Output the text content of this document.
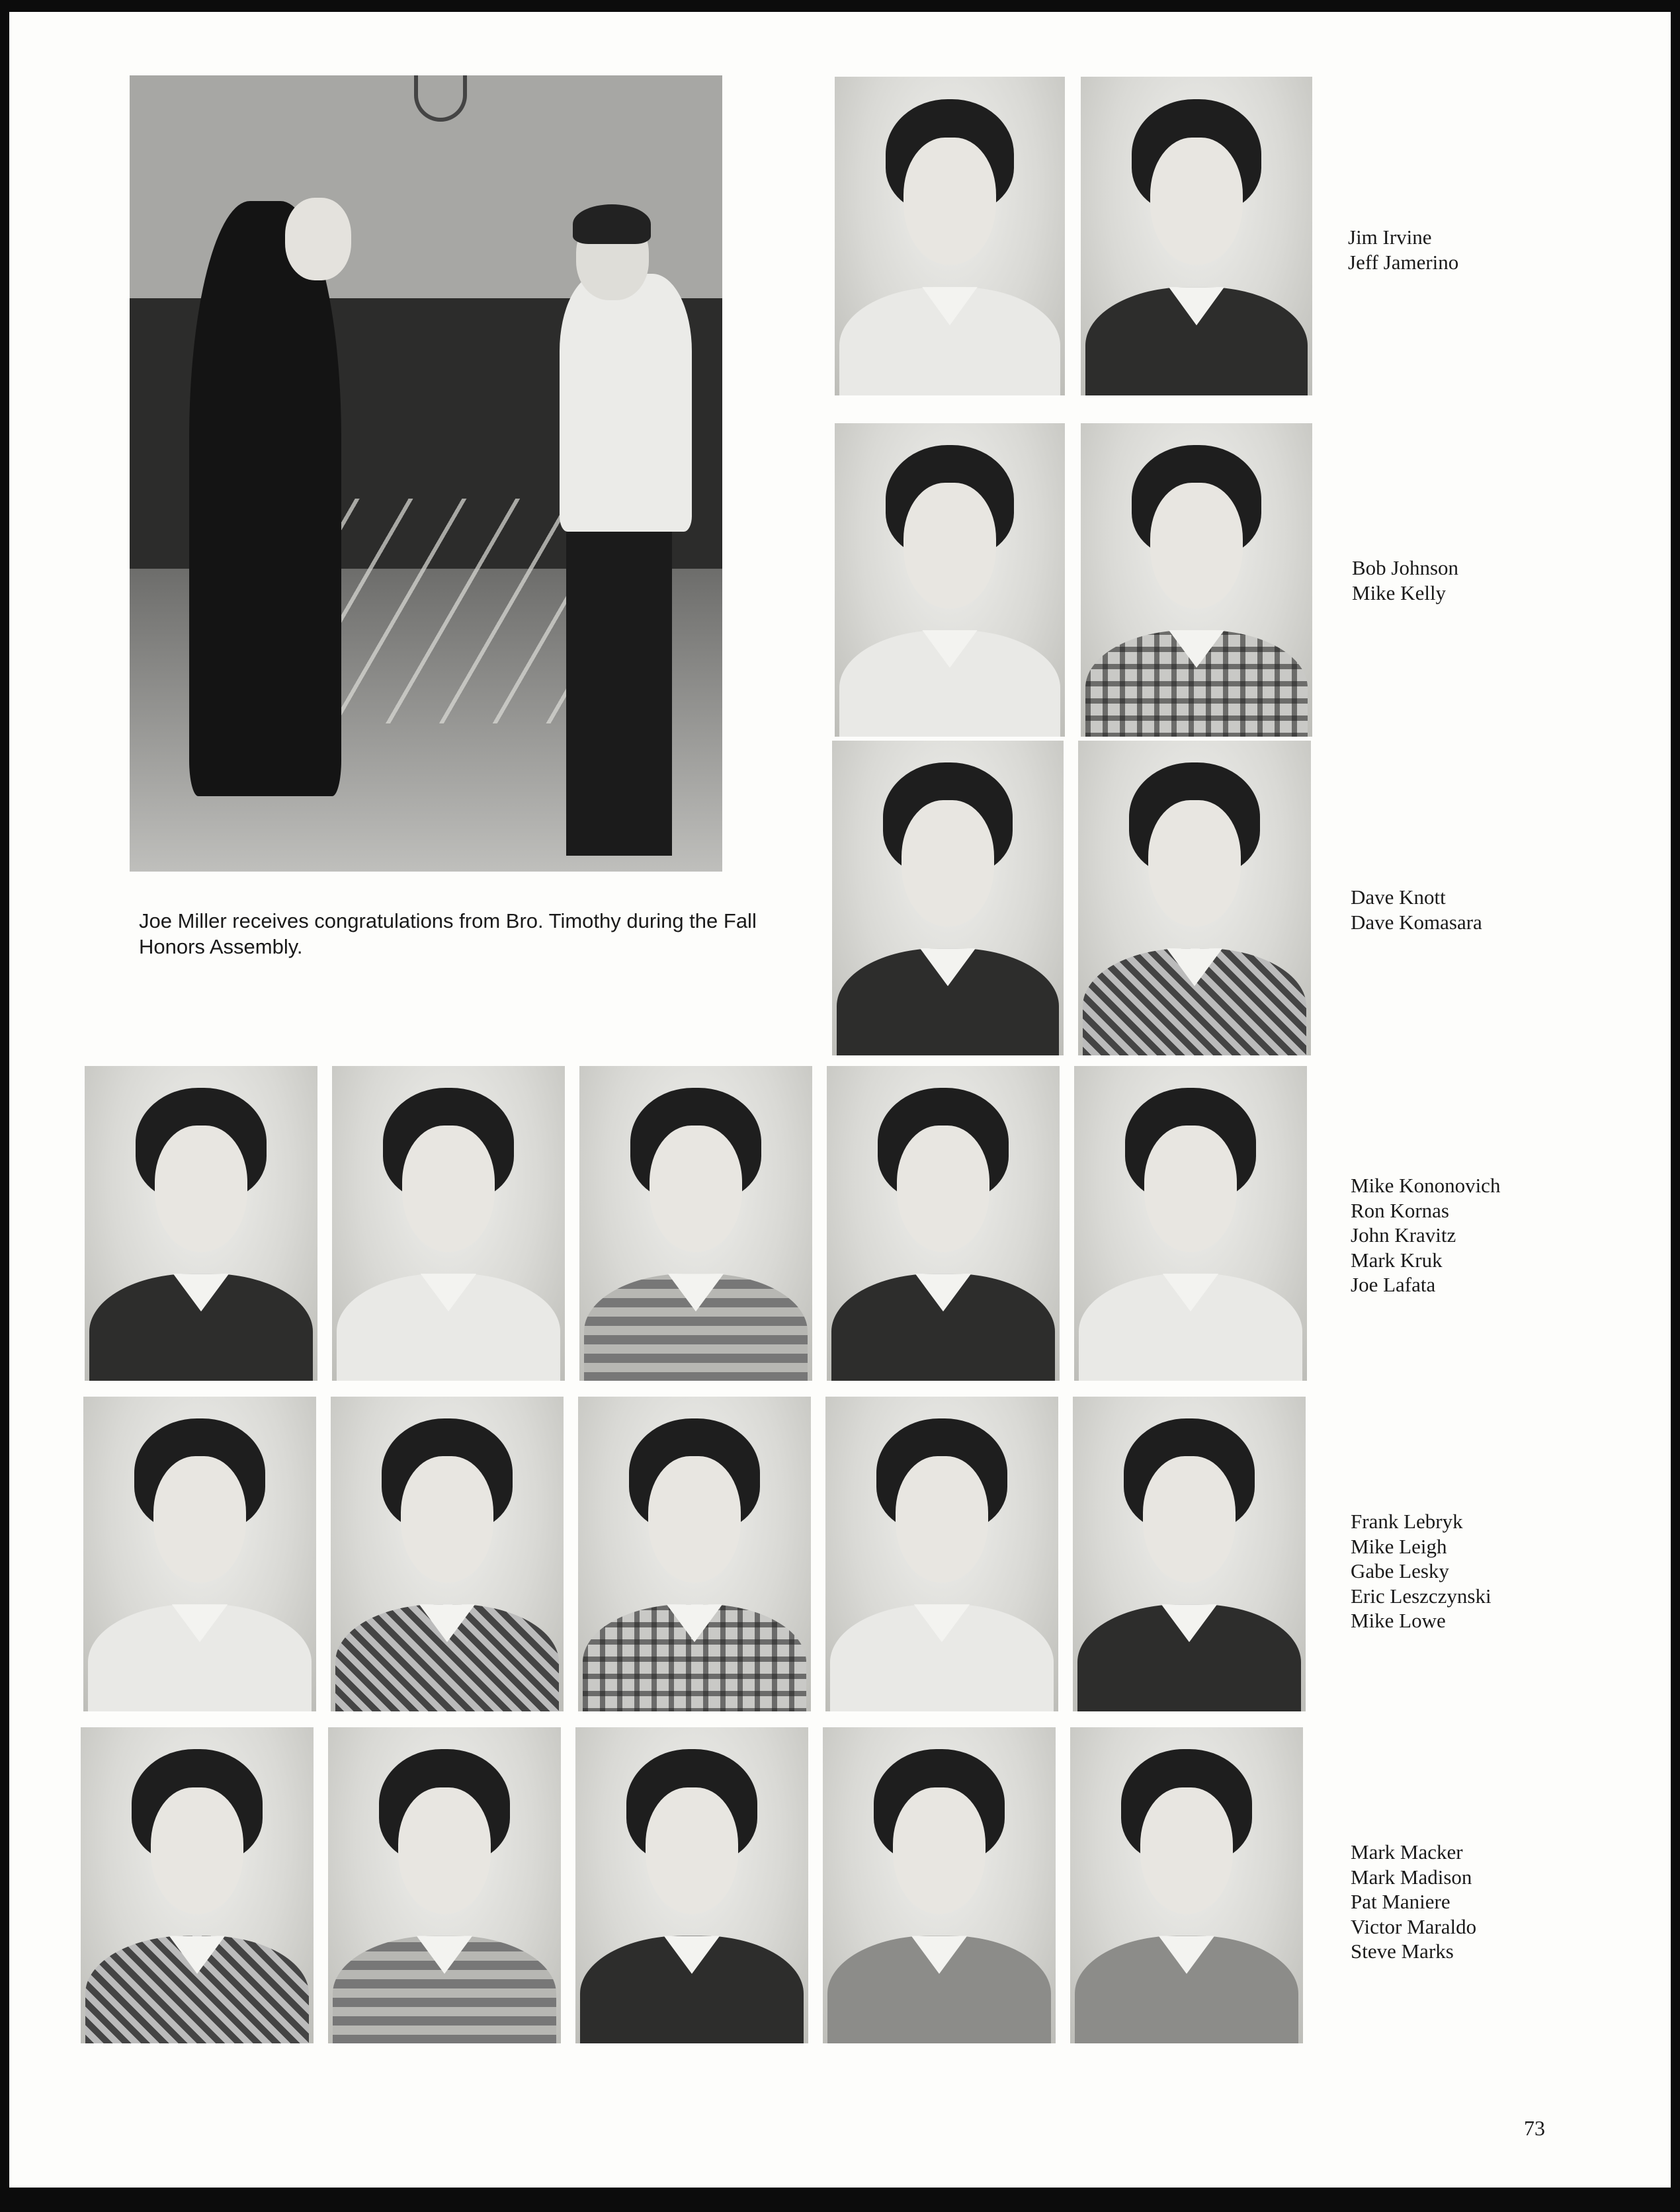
Joe Miller receives congratulations from Bro. Timothy during the Fall Honors Assembly.
Jim Irvine
Jeff Jamerino
Bob Johnson
Mike Kelly
Dave Knott
Dave Komasara
Mike Kononovich
Ron Kornas
John Kravitz
Mark Kruk
Joe Lafata
Frank Lebryk
Mike Leigh
Gabe Lesky
Eric Leszczynski
Mike Lowe
Mark Macker
Mark Madison
Pat Maniere
Victor Maraldo
Steve Marks
73
